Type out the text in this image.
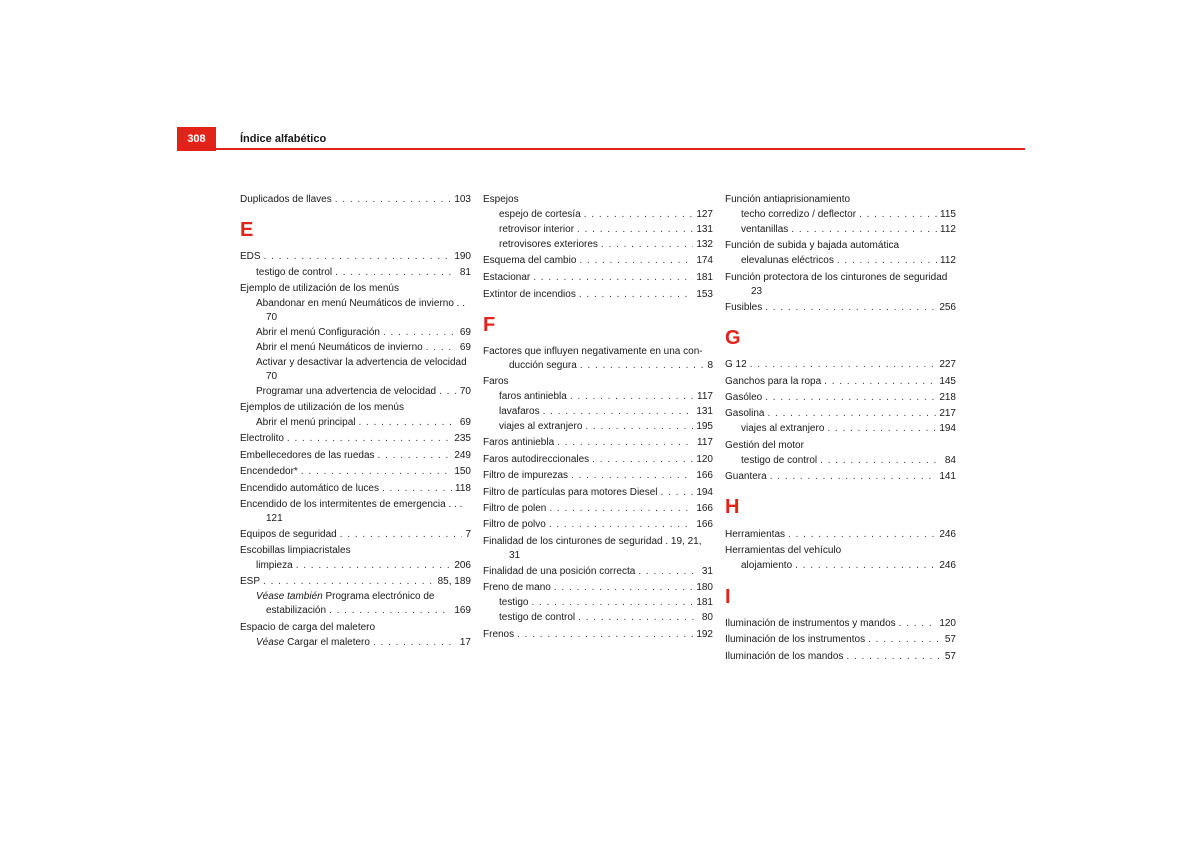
308	Índice alfabético
Duplicados de llaves . . .	103
E
EDS . . .	190
testigo de control . . .	81
Ejemplo de utilización de los menús
Abandonar en menú Neumáticos de invierno . .
70
Abrir el menú Configuración . . .	69
Abrir el menú Neumáticos de invierno . . .	69
Activar y desactivar la advertencia de velocidad
70
Programar una advertencia de velocidad . . . 70
Ejemplos de utilización de los menús
Abrir el menú principal . . .	69
Electrolito . . .	235
Embellecedores de las ruedas . . .	249
Encendedor* . . .	150
Encendido automático de luces . . .	118
Encendido de los intermitentes de emergencia . . .
121
Equipos de seguridad . . .	7
Escobillas limpiacristales
limpieza . . .	206
ESP . . .	85, 189
Véase también Programa electrónico de
estabilización . . .	169
Espacio de carga del maletero
Véase Cargar el maletero . . .	17
Espejos
espejo de cortesía . . .	127
retrovisor interior . . .	131
retrovisores exteriores . . .	132
Esquema del cambio . . .	174
Estacionar . . .	181
Extintor de incendios . . .	153
F
Factores que influyen negativamente en una con-
ducción segura . . .	8
Faros
faros antiniebla . . .	117
lavafaros . . .	131
viajes al extranjero . . .	195
Faros antiniebla . . .	117
Faros autodireccionales . . .	120
Filtro de impurezas . . .	166
Filtro de partículas para motores Diesel . . .	194
Filtro de polen . . .	166
Filtro de polvo . . .	166
Finalidad de los cinturones de seguridad . 19, 21,
31
Finalidad de una posición correcta . . .	31
Freno de mano . . .	180
testigo . . .	181
testigo de control . . .	80
Frenos . . .	192
Función antiaprisionamiento
techo corredizo / deflector . . .	115
ventanillas . . .	112
Función de subida y bajada automática
elevalunas eléctricos . . .	112
Función protectora de los cinturones de seguridad
23
Fusibles . . .	256
G
G 12 . . .	227
Ganchos para la ropa . . .	145
Gasóleo . . .	218
Gasolina . . .	217
viajes al extranjero . . .	194
Gestión del motor
testigo de control . . .	84
Guantera . . .	141
H
Herramientas . . .	246
Herramientas del vehículo
alojamiento . . .	246
I
Iluminación de instrumentos y mandos . . .	120
Iluminación de los instrumentos . . .	57
Iluminación de los mandos . . .	57
